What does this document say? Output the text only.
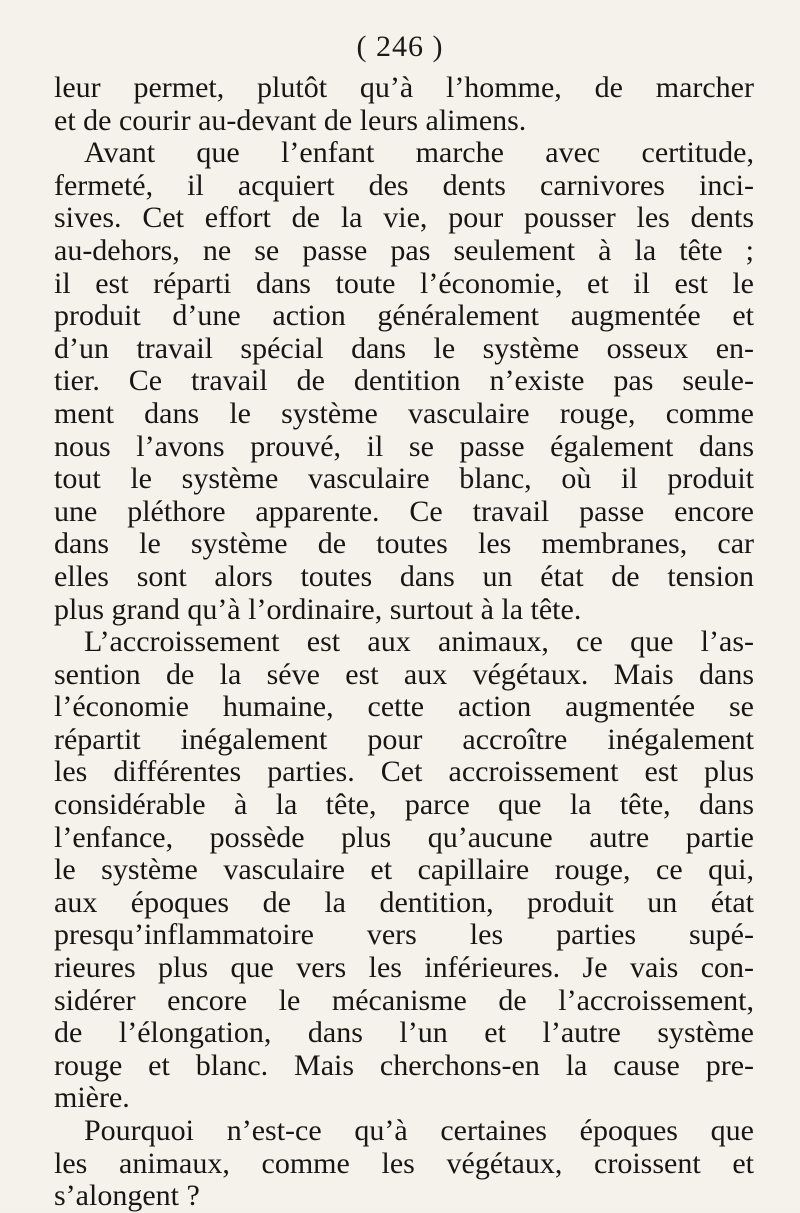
( 246 )
leur permet, plutôt qu’à l’homme, de marcher
et de courir au-devant de leurs alimens.
Avant que l’enfant marche avec certitude,
fermeté, il acquiert des dents carnivores inci-
sives. Cet effort de la vie, pour pousser les dents
au-dehors, ne se passe pas seulement à la tête ;
il est réparti dans toute l’économie, et il est le
produit d’une action généralement augmentée et
d’un travail spécial dans le système osseux en-
tier. Ce travail de dentition n’existe pas seule-
ment dans le système vasculaire rouge, comme
nous l’avons prouvé, il se passe également dans
tout le système vasculaire blanc, où il produit
une pléthore apparente. Ce travail passe encore
dans le système de toutes les membranes, car
elles sont alors toutes dans un état de tension
plus grand qu’à l’ordinaire, surtout à la tête.
L’accroissement est aux animaux, ce que l’as-
sention de la séve est aux végétaux. Mais dans
l’économie humaine, cette action augmentée se
répartit inégalement pour accroître inégalement
les différentes parties. Cet accroissement est plus
considérable à la tête, parce que la tête, dans
l’enfance, possède plus qu’aucune autre partie
le système vasculaire et capillaire rouge, ce qui,
aux époques de la dentition, produit un état
presqu’inflammatoire vers les parties supé-
rieures plus que vers les inférieures. Je vais con-
sidérer encore le mécanisme de l’accroissement,
de l’élongation, dans l’un et l’autre système
rouge et blanc. Mais cherchons-en la cause pre-
mière.
Pourquoi n’est-ce qu’à certaines époques que
les animaux, comme les végétaux, croissent et
s’alongent ?
